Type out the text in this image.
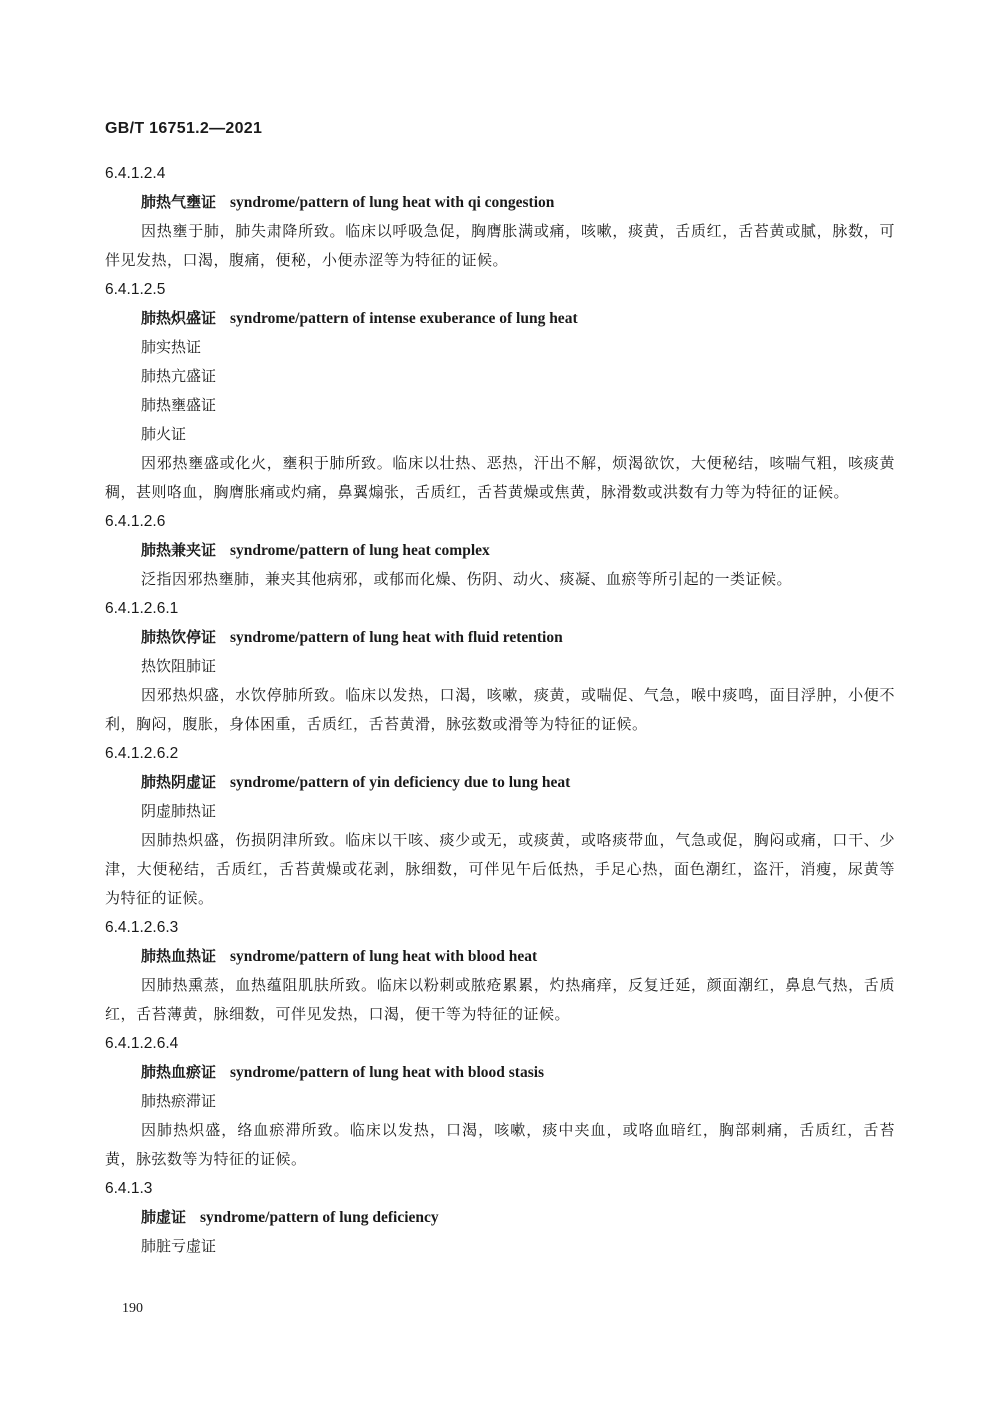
GB/T 16751.2—2021
6.4.1.2.4
肺热气壅证 syndrome/pattern of lung heat with qi congestion
因热壅于肺，肺失肃降所致。临床以呼吸急促，胸膺胀满或痛，咳嗽，痰黄，舌质红，舌苔黄或腻，脉数，可伴见发热，口渴，腹痛，便秘，小便赤涩等为特征的证候。
6.4.1.2.5
肺热炽盛证 syndrome/pattern of intense exuberance of lung heat
肺实热证
肺热亢盛证
肺热壅盛证
肺火证
因邪热壅盛或化火，壅积于肺所致。临床以壮热、恶热，汗出不解，烦渴欲饮，大便秘结，咳喘气粗，咳痰黄稠，甚则咯血，胸膺胀痛或灼痛，鼻翼煽张，舌质红，舌苔黄燥或焦黄，脉滑数或洪数有力等为特征的证候。
6.4.1.2.6
肺热兼夹证 syndrome/pattern of lung heat complex
泛指因邪热壅肺，兼夹其他病邪，或郁而化燥、伤阴、动火、痰凝、血瘀等所引起的一类证候。
6.4.1.2.6.1
肺热饮停证 syndrome/pattern of lung heat with fluid retention
热饮阻肺证
因邪热炽盛，水饮停肺所致。临床以发热，口渴，咳嗽，痰黄，或喘促、气急，喉中痰鸣，面目浮肿，小便不利，胸闷，腹胀，身体困重，舌质红，舌苔黄滑，脉弦数或滑等为特征的证候。
6.4.1.2.6.2
肺热阴虚证 syndrome/pattern of yin deficiency due to lung heat
阴虚肺热证
因肺热炽盛，伤损阴津所致。临床以干咳、痰少或无，或痰黄，或咯痰带血，气急或促，胸闷或痛，口干、少津，大便秘结，舌质红，舌苔黄燥或花剥，脉细数，可伴见午后低热，手足心热，面色潮红，盗汗，消瘦，尿黄等为特征的证候。
6.4.1.2.6.3
肺热血热证 syndrome/pattern of lung heat with blood heat
因肺热熏蒸，血热蕴阻肌肤所致。临床以粉刺或脓疮累累，灼热痛痒，反复迁延，颜面潮红，鼻息气热，舌质红，舌苔薄黄，脉细数，可伴见发热，口渴，便干等为特征的证候。
6.4.1.2.6.4
肺热血瘀证 syndrome/pattern of lung heat with blood stasis
肺热瘀滞证
因肺热炽盛，络血瘀滞所致。临床以发热，口渴，咳嗽，痰中夹血，或咯血暗红，胸部刺痛，舌质红，舌苔黄，脉弦数等为特征的证候。
6.4.1.3
肺虚证 syndrome/pattern of lung deficiency
肺脏亏虚证
190
